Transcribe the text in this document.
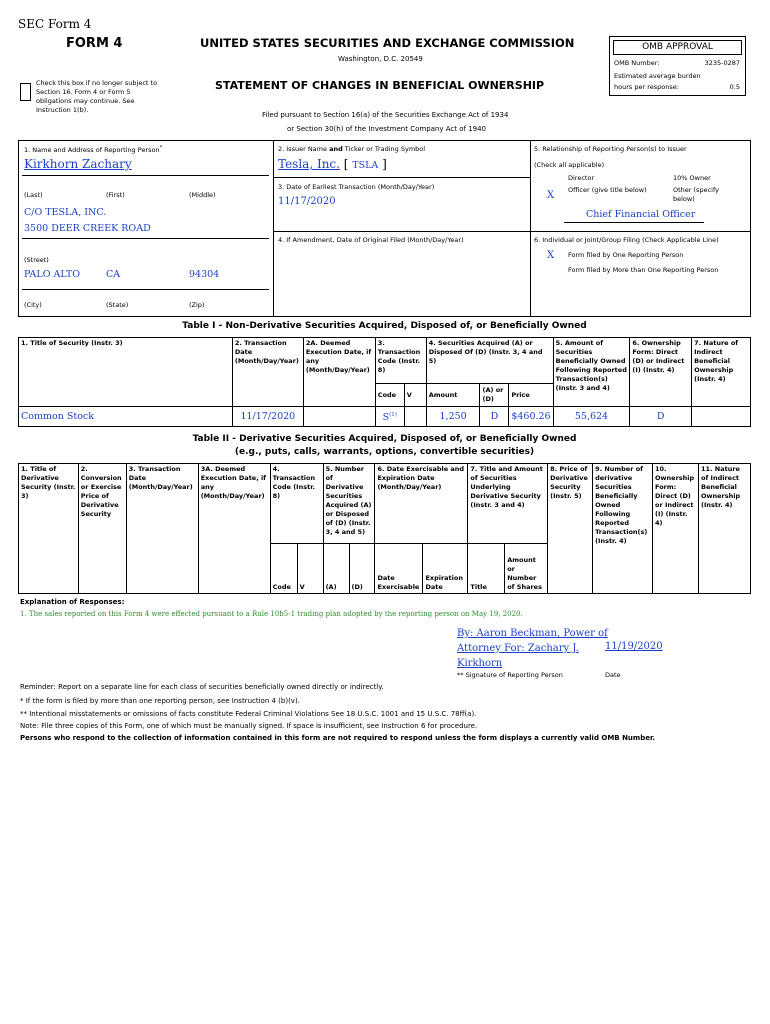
SEC Form 4
FORM 4	UNITED STATES SECURITIES AND EXCHANGE COMMISSION
Washington, D.C. 20549
STATEMENT OF CHANGES IN BENEFICIAL OWNERSHIP
Filed pursuant to Section 16(a) of the Securities Exchange Act of 1934
or Section 30(h) of the Investment Company Act of 1940
Check this box if no longer subject to Section 16. Form 4 or Form 5 obligations may continue. See Instruction 1(b).
OMB APPROVAL
OMB Number:	3235-0287
Estimated average burden
hours per response:	0.5
1. Name and Address of Reporting Person*
Kirkhorn Zachary
(Last)	(First)	(Middle)
C/O TESLA, INC.
3500 DEER CREEK ROAD
(Street)
PALO ALTO	CA	94304
(City)	(State)	(Zip)
2. Issuer Name and Ticker or Trading Symbol
Tesla, Inc. [ TSLA ]
3. Date of Earliest Transaction (Month/Day/Year)
11/17/2020
4. If Amendment, Date of Original Filed (Month/Day/Year)
5. Relationship of Reporting Person(s) to Issuer
(Check all applicable)
Director	10% Owner
X Officer (give title below)	Other (specify below)
Chief Financial Officer
6. Individual or Joint/Group Filing (Check Applicable Line)
X Form filed by One Reporting Person
Form filed by More than One Reporting Person
Table I - Non-Derivative Securities Acquired, Disposed of, or Beneficially Owned
1. Title of Security (Instr. 3)	2. Transaction Date (Month/Day/Year)	2A. Deemed Execution Date, if any (Month/Day/Year)	3. Transaction Code (Instr. 8)		4. Securities Acquired (A) or Disposed Of (D) (Instr. 3, 4 and 5)			5. Amount of Securities Beneficially Owned Following Reported Transaction(s) (Instr. 3 and 4)	6. Ownership Form: Direct (D) or Indirect (I) (Instr. 4)	7. Nature of Indirect Beneficial Ownership (Instr. 4)
			Code	V	Amount	(A) or (D)	Price			
Common Stock	11/17/2020		$S^{(1)}$		1,250	D	$460.26	55,624	D	
Table II - Derivative Securities Acquired, Disposed of, or Beneficially Owned
(e.g., puts, calls, warrants, options, convertible securities)
1. Title of Derivative Security (Instr. 3)	2. Conversion or Exercise Price of Derivative Security	3. Transaction Date (Month/Day/Year)	3A. Deemed Execution Date, if any (Month/Day/Year)	4. Transaction Code (Instr. 8)		5. Number of Derivative Securities Acquired (A) or Disposed of (D) (Instr. 3, 4 and 5)		6. Date Exercisable and Expiration Date (Month/Day/Year)		7. Title and Amount of Securities Underlying Derivative Security (Instr. 3 and 4)		8. Price of Derivative Security (Instr. 5)	9. Number of derivative Securities Beneficially Owned Following Reported Transaction(s) (Instr. 4)	10. Ownership Form: Direct (D) or Indirect (I) (Instr. 4)	11. Nature of Indirect Beneficial Ownership (Instr. 4)
				Code	V	(A)	(D)	Date Exercisable	Expiration Date	Title	Amount or Number of Shares				
Explanation of Responses:
1. The sales reported on this Form 4 were effected pursuant to a Rule 10b5-1 trading plan adopted by the reporting person on May 19, 2020.
By: Aaron Beckman, Power of
Attorney For: Zachary J.
Kirkhorn
11/19/2020
** Signature of Reporting Person	Date
Reminder: Report on a separate line for each class of securities beneficially owned directly or indirectly.
* If the form is filed by more than one reporting person, see Instruction 4 (b)(v).
** Intentional misstatements or omissions of facts constitute Federal Criminal Violations See 18 U.S.C. 1001 and 15 U.S.C. 78ff(a).
Note: File three copies of this Form, one of which must be manually signed. If space is insufficient, see Instruction 6 for procedure.
Persons who respond to the collection of information contained in this form are not required to respond unless the form displays a currently valid OMB Number.
